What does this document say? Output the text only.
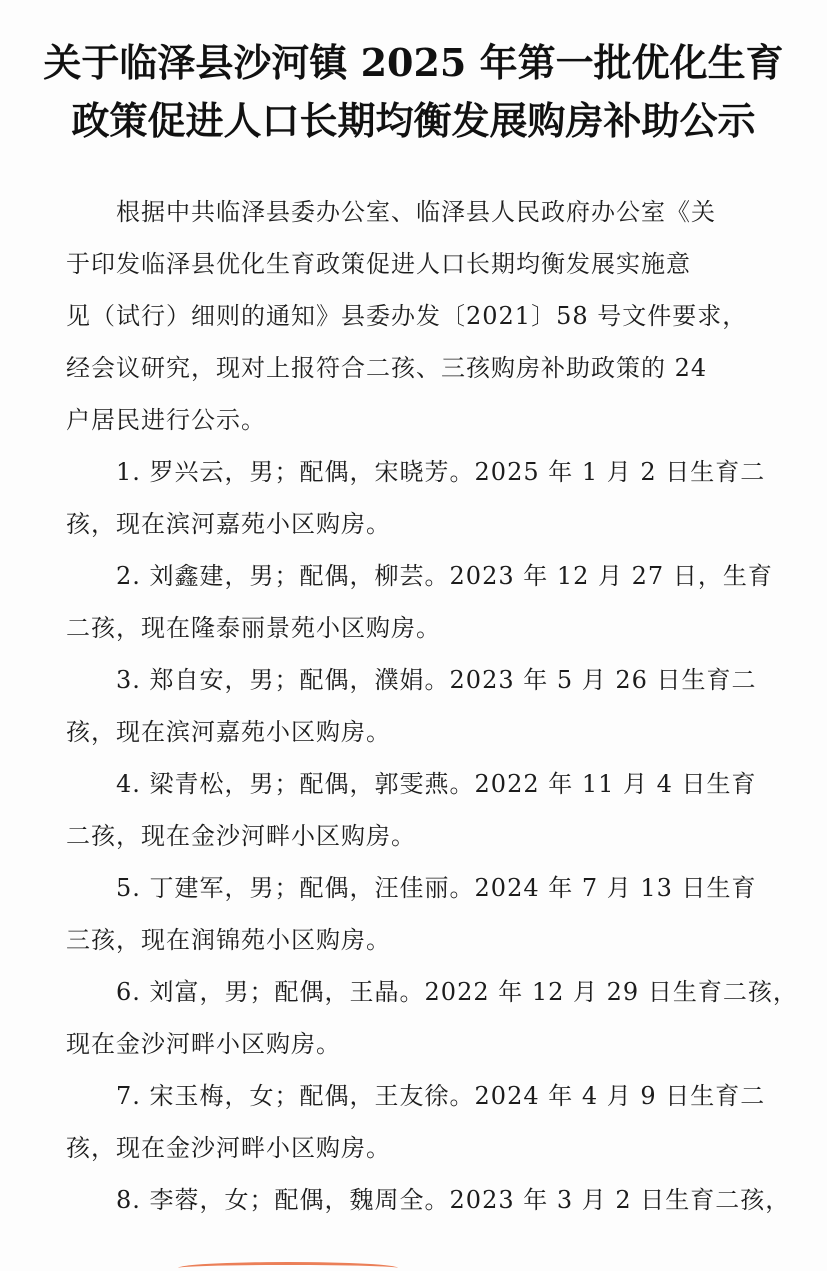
关于临泽县沙河镇 2025 年第一批优化生育
政策促进人口长期均衡发展购房补助公示
根据中共临泽县委办公室、临泽县人民政府办公室《关
于印发临泽县优化生育政策促进人口长期均衡发展实施意
见（试行）细则的通知》县委办发〔2021〕58 号文件要求，
经会议研究，现对上报符合二孩、三孩购房补助政策的 24
户居民进行公示。
1. 罗兴云，男；配偶，宋晓芳。2025 年 1 月 2 日生育二
孩，现在滨河嘉苑小区购房。
2. 刘鑫建，男；配偶，柳芸。2023 年 12 月 27 日，生育
二孩，现在隆泰丽景苑小区购房。
3. 郑自安，男；配偶，濮娟。2023 年 5 月 26 日生育二
孩，现在滨河嘉苑小区购房。
4. 梁青松，男；配偶，郭雯燕。2022 年 11 月 4 日生育
二孩，现在金沙河畔小区购房。
5. 丁建军，男；配偶，汪佳丽。2024 年 7 月 13 日生育
三孩，现在润锦苑小区购房。
6. 刘富，男；配偶，王晶。2022 年 12 月 29 日生育二孩，
现在金沙河畔小区购房。
7. 宋玉梅，女；配偶，王友徐。2024 年 4 月 9 日生育二
孩，现在金沙河畔小区购房。
8. 李蓉，女；配偶，魏周全。2023 年 3 月 2 日生育二孩，
